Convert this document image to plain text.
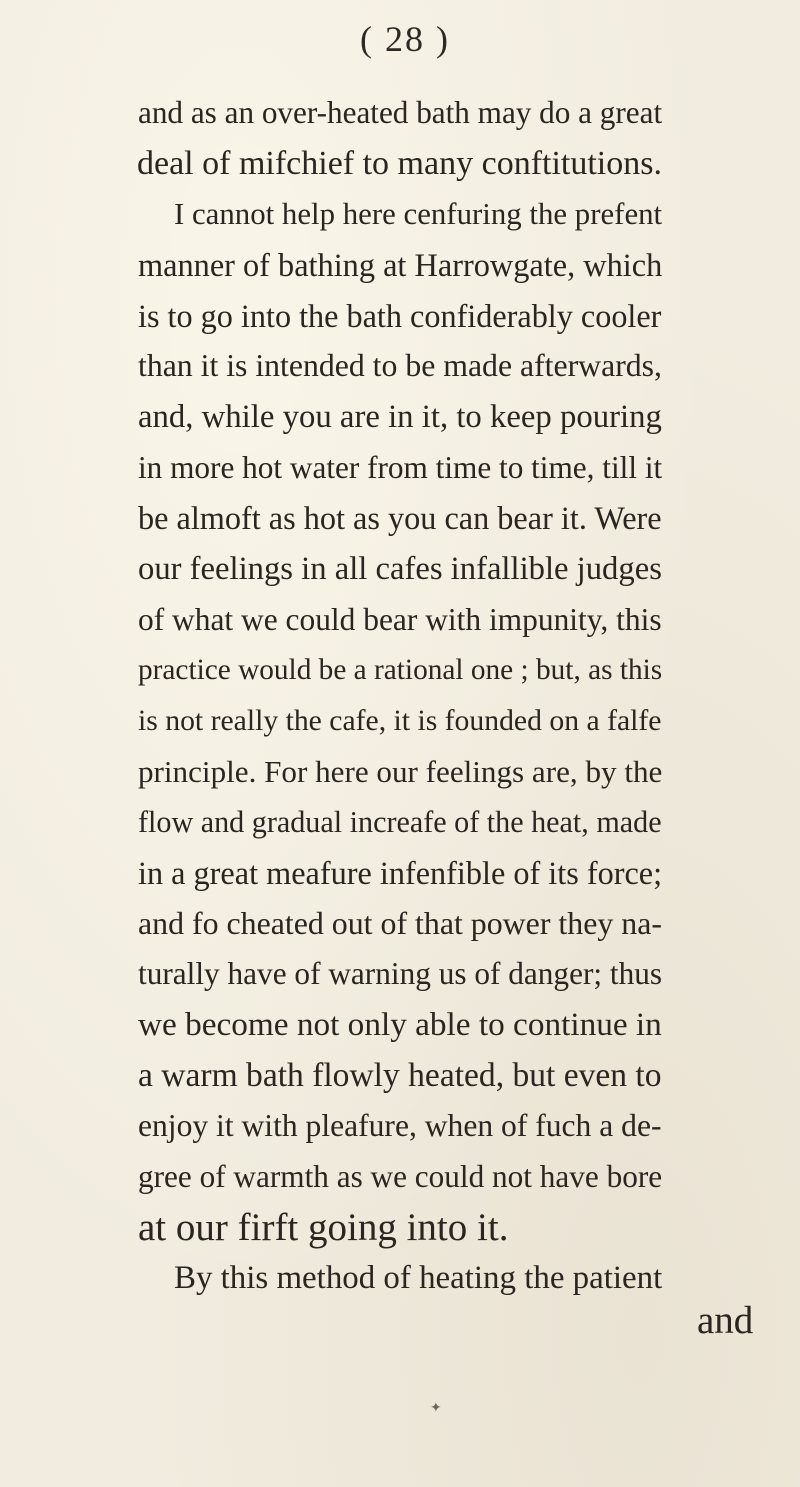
( 28 )
and as an over-heated bath may do a great
deal of mifchief to many conftitutions.
I cannot help here cenfuring the prefent
manner of bathing at Harrowgate, which
is to go into the bath confiderably cooler
than it is intended to be made afterwards,
and, while you are in it, to keep pouring
in more hot water from time to time, till it
be almoft as hot as you can bear it. Were
our feelings in all cafes infallible judges
of what we could bear with impunity, this
practice would be a rational one ; but, as this
is not really the cafe, it is founded on a falfe
principle. For here our feelings are, by the
flow and gradual increafe of the heat, made
in a great meafure infenfible of its force;
and fo cheated out of that power they na-
turally have of warning us of danger; thus
we become not only able to continue in
a warm bath flowly heated, but even to
enjoy it with pleafure, when of fuch a de-
gree of warmth as we could not have bore
at our firft going into it.
By this method of heating the patient
and
✦
